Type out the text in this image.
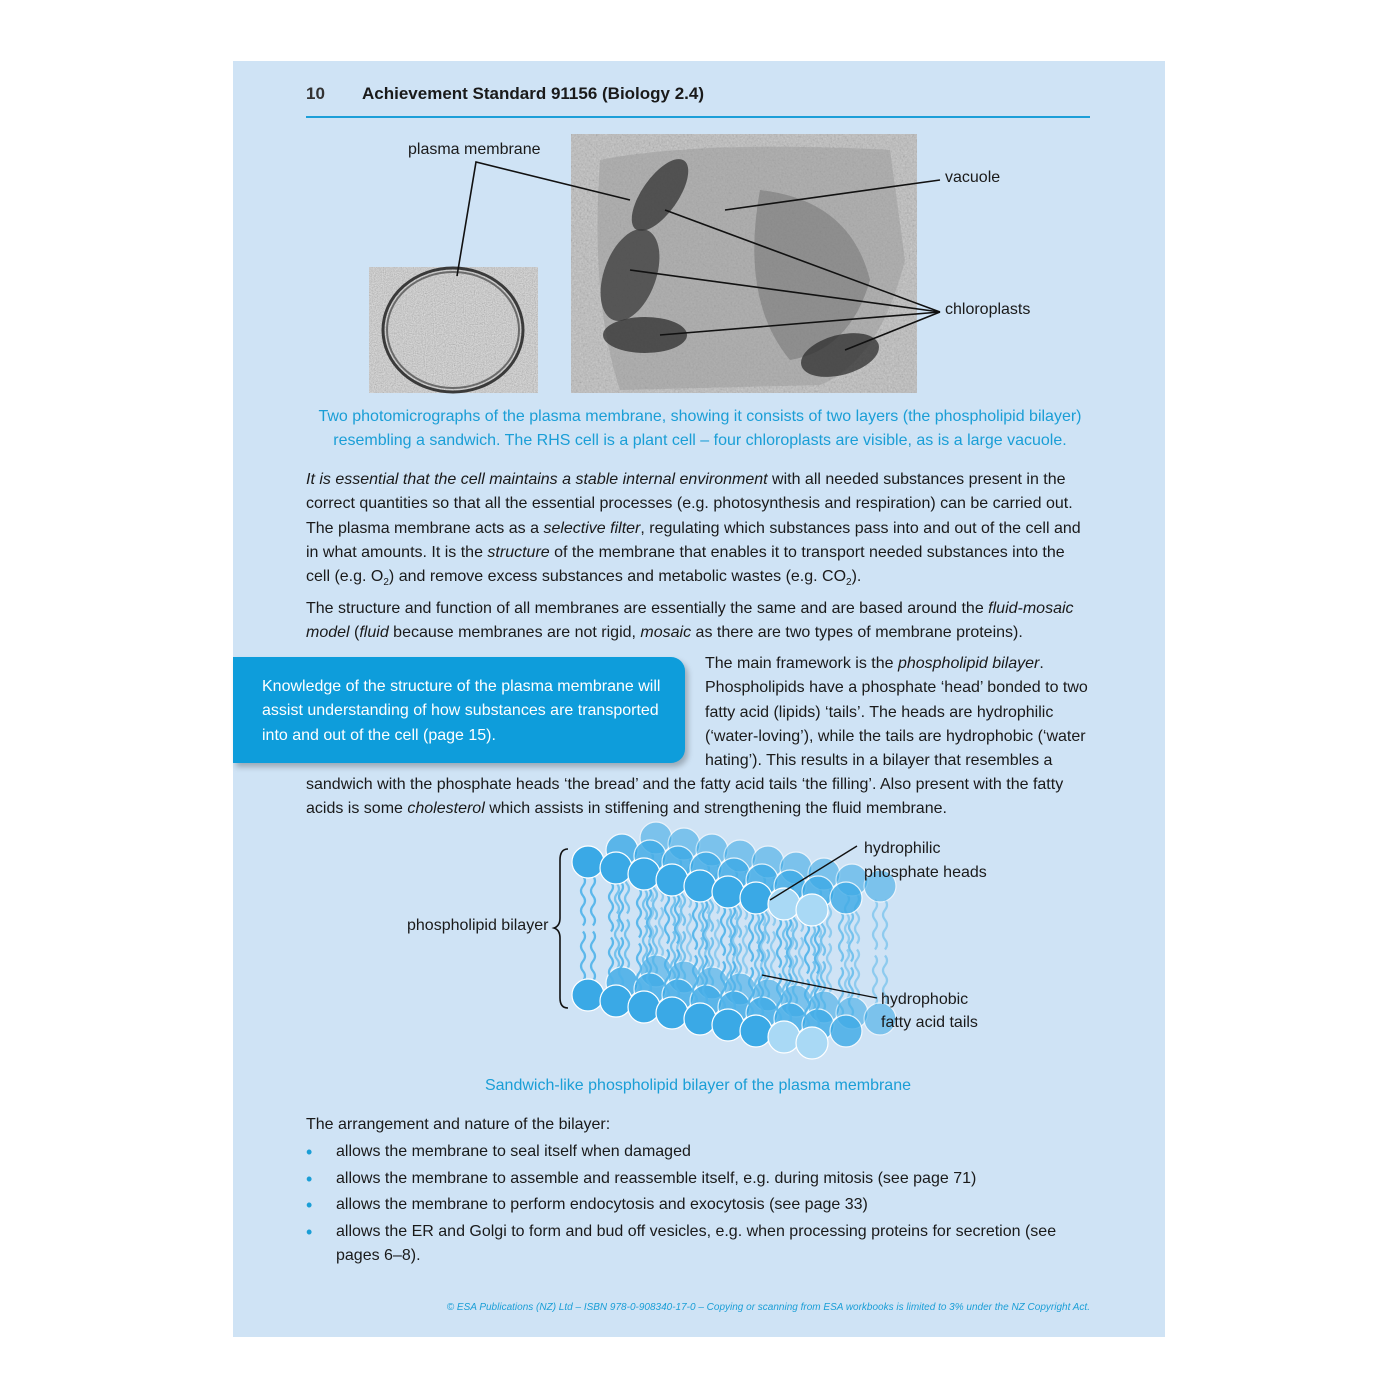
10 Achievement Standard 91156 (Biology 2.4)
plasma membrane
vacuole
chloroplasts
Two photomicrographs of the plasma membrane, showing it consists of two layers (the phospholipid bilayer)
resembling a sandwich. The RHS cell is a plant cell – four chloroplasts are visible, as is a large vacuole.

It is essential that the cell maintains a stable internal environment with all needed substances present in the correct quantities so that all the essential processes (e.g. photosynthesis and respiration) can be carried out. The plasma membrane acts as a selective filter, regulating which substances pass into and out of the cell and in what amounts. It is the structure of the membrane that enables it to transport needed substances into the cell (e.g. $O_2$) and remove excess substances and metabolic wastes (e.g. $CO_2$).

The structure and function of all membranes are essentially the same and are based around the fluid-mosaic model (fluid because membranes are not rigid, mosaic as there are two types of membrane proteins).

Knowledge of the structure of the plasma membrane will assist understanding of how substances are transported into and out of the cell (page 15).

The main framework is the phospholipid bilayer. Phospholipids have a phosphate ‘head’ bonded to two fatty acid (lipids) ‘tails’. The heads are hydrophilic (‘water-loving’), while the tails are hydrophobic (‘water hating’). This results in a bilayer that resembles a

sandwich with the phosphate heads ‘the bread’ and the fatty acid tails ‘the filling’. Also present with the fatty acids is some cholesterol which assists in stiffening and strengthening the fluid membrane.

phospholipid bilayer
hydrophilic
phosphate heads
hydrophobic
fatty acid tails
Sandwich-like phospholipid bilayer of the plasma membrane

The arrangement and nature of the bilayer:

• allows the membrane to seal itself when damaged
• allows the membrane to assemble and reassemble itself, e.g. during mitosis (see page 71)
• allows the membrane to perform endocytosis and exocytosis (see page 33)
• allows the ER and Golgi to form and bud off vesicles, e.g. when processing proteins for secretion (see pages 6–8).
© ESA Publications (NZ) Ltd – ISBN 978-0-908340-17-0 – Copying or scanning from ESA workbooks is limited to 3% under the NZ Copyright Act.
